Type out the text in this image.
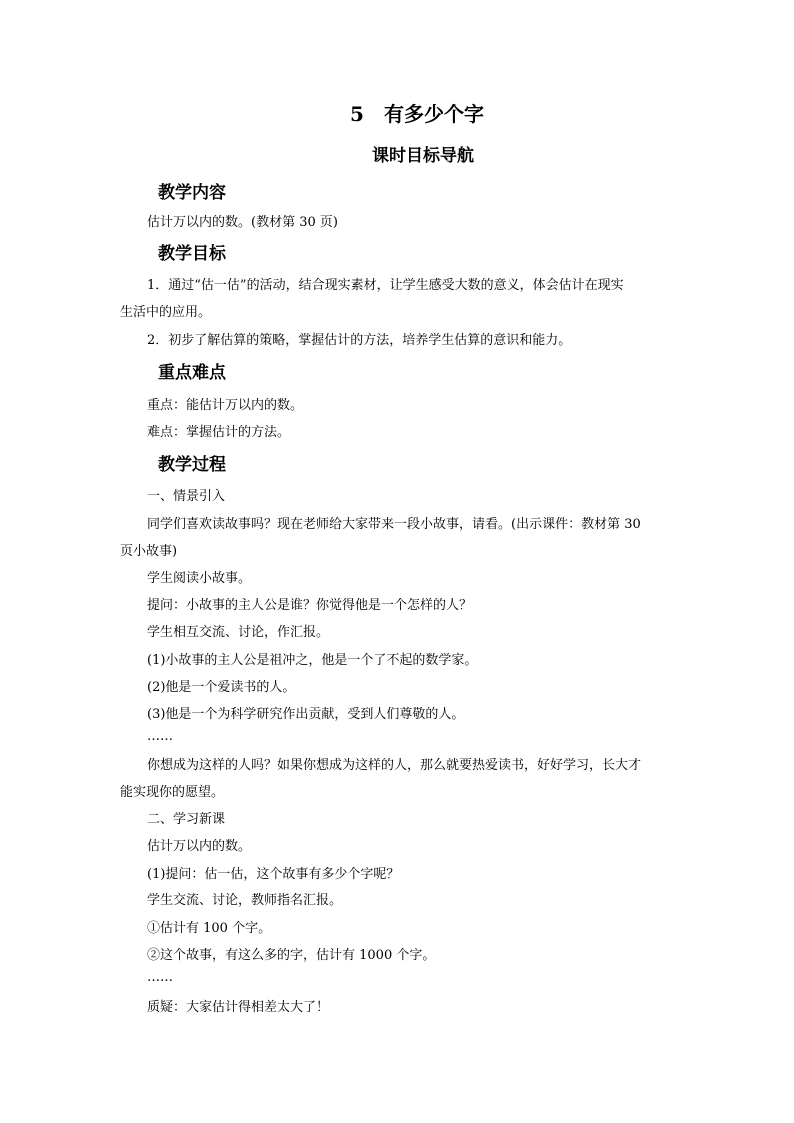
5　有多少个字
课时目标导航
教学内容
估计万以内的数。(教材第 30 页)
教学目标
1．通过“估一估”的活动，结合现实素材，让学生感受大数的意义，体会估计在现实
生活中的应用。
2．初步了解估算的策略，掌握估计的方法，培养学生估算的意识和能力。
重点难点
重点：能估计万以内的数。
难点：掌握估计的方法。
教学过程
一、情景引入
同学们喜欢读故事吗？现在老师给大家带来一段小故事，请看。(出示课件：教材第 30
页小故事)
学生阅读小故事。
提问：小故事的主人公是谁？你觉得他是一个怎样的人？
学生相互交流、讨论，作汇报。
(1)小故事的主人公是祖冲之，他是一个了不起的数学家。
(2)他是一个爱读书的人。
(3)他是一个为科学研究作出贡献，受到人们尊敬的人。
……
你想成为这样的人吗？如果你想成为这样的人，那么就要热爱读书，好好学习，长大才
能实现你的愿望。
二、学习新课
估计万以内的数。
(1)提问：估一估，这个故事有多少个字呢？
学生交流、讨论，教师指名汇报。
①估计有 100 个字。
②这个故事，有这么多的字，估计有 1000 个字。
……
质疑：大家估计得相差太大了！
